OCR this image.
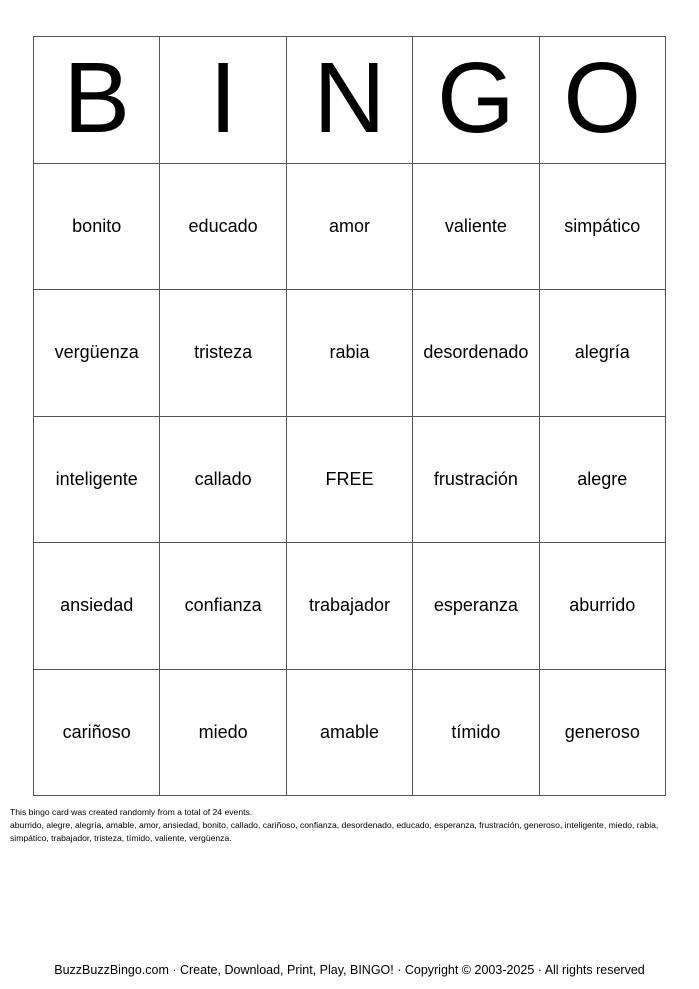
B I N G O
bonito	educado	amor	valiente	simpático
vergüenza	tristeza	rabia	desordenado	alegría
inteligente	callado	FREE	frustración	alegre
ansiedad	confianza	trabajador	esperanza	aburrido
cariñoso	miedo	amable	tímido	generoso
This bingo card was created randomly from a total of 24 events.
aburrido, alegre, alegría, amable, amor, ansiedad, bonito, callado, cariñoso, confianza, desordenado, educado, esperanza, frustración, generoso, inteligente, miedo, rabia, simpático, trabajador, tristeza, tímido, valiente, vergüenza.
BuzzBuzzBingo.com · Create, Download, Print, Play, BINGO! · Copyright © 2003-2025 · All rights reserved
